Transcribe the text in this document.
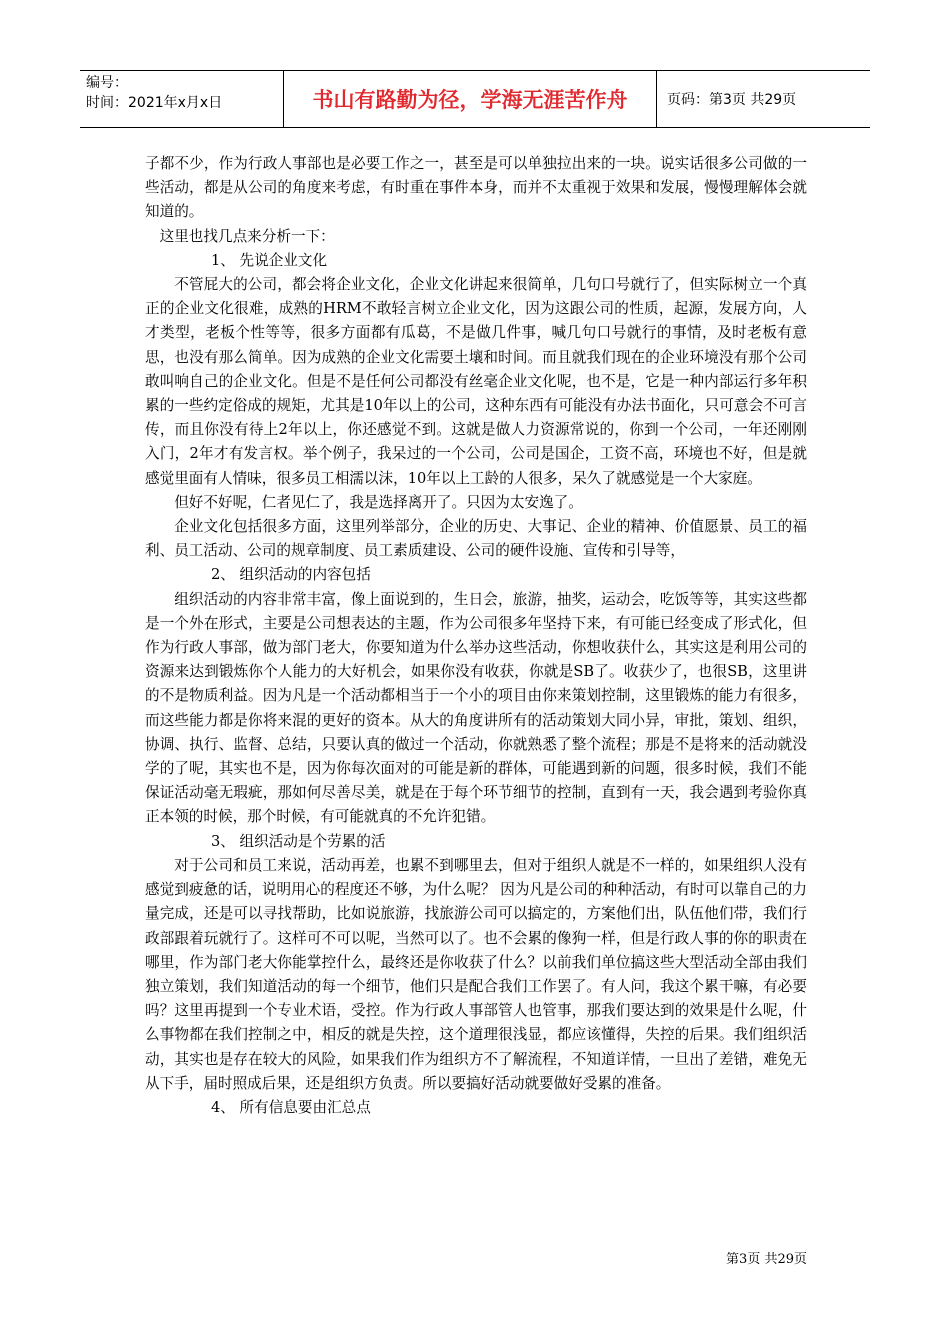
编号：
时间：2021年x月x日	书山有路勤为径，学海无涯苦作舟	页码：第3页 共29页

子都不少，作为行政人事部也是必要工作之一，甚至是可以单独拉出来的一块。说实话很多公司做的一些活动，都是从公司的角度来考虑，有时重在事件本身，而并不太重视于效果和发展，慢慢理解体会就知道的。

这里也找几点来分析一下：

1、 先说企业文化

不管屁大的公司，都会将企业文化，企业文化讲起来很简单，几句口号就行了，但实际树立一个真正的企业文化很难，成熟的HRM不敢轻言树立企业文化，因为这跟公司的性质，起源，发展方向，人才类型，老板个性等等，很多方面都有瓜葛，不是做几件事，喊几句口号就行的事情，及时老板有意思，也没有那么简单。因为成熟的企业文化需要土壤和时间。而且就我们现在的企业环境没有那个公司敢叫响自己的企业文化。但是不是任何公司都没有丝毫企业文化呢，也不是，它是一种内部运行多年积累的一些约定俗成的规矩，尤其是10年以上的公司，这种东西有可能没有办法书面化，只可意会不可言传，而且你没有待上2年以上，你还感觉不到。这就是做人力资源常说的，你到一个公司，一年还刚刚入门，2年才有发言权。举个例子，我呆过的一个公司，公司是国企，工资不高，环境也不好，但是就感觉里面有人情味，很多员工相濡以沫，10年以上工龄的人很多，呆久了就感觉是一个大家庭。

但好不好呢，仁者见仁了，我是选择离开了。只因为太安逸了。

企业文化包括很多方面，这里列举部分，企业的历史、大事记、企业的精神、价值愿景、员工的福利、员工活动、公司的规章制度、员工素质建设、公司的硬件设施、宣传和引导等，

2、 组织活动的内容包括

组织活动的内容非常丰富，像上面说到的，生日会，旅游，抽奖，运动会，吃饭等等，其实这些都是一个外在形式，主要是公司想表达的主题，作为公司很多年坚持下来，有可能已经变成了形式化，但作为行政人事部，做为部门老大，你要知道为什么举办这些活动，你想收获什么，其实这是利用公司的资源来达到锻炼你个人能力的大好机会，如果你没有收获，你就是SB了。收获少了，也很SB，这里讲的不是物质利益。因为凡是一个活动都相当于一个小的项目由你来策划控制，这里锻炼的能力有很多，而这些能力都是你将来混的更好的资本。从大的角度讲所有的活动策划大同小异，审批，策划、组织，协调、执行、监督、总结，只要认真的做过一个活动，你就熟悉了整个流程；那是不是将来的活动就没学的了呢，其实也不是，因为你每次面对的可能是新的群体，可能遇到新的问题，很多时候，我们不能保证活动毫无瑕疵，那如何尽善尽美，就是在于每个环节细节的控制，直到有一天，我会遇到考验你真正本领的时候，那个时候，有可能就真的不允许犯错。

3、 组织活动是个劳累的活

对于公司和员工来说，活动再差，也累不到哪里去，但对于组织人就是不一样的，如果组织人没有感觉到疲惫的话，说明用心的程度还不够，为什么呢？ 因为凡是公司的种种活动，有时可以靠自己的力量完成，还是可以寻找帮助，比如说旅游，找旅游公司可以搞定的，方案他们出，队伍他们带，我们行政部跟着玩就行了。这样可不可以呢，当然可以了。也不会累的像狗一样，但是行政人事的你的职责在哪里，作为部门老大你能掌控什么，最终还是你收获了什么？以前我们单位搞这些大型活动全部由我们独立策划，我们知道活动的每一个细节，他们只是配合我们工作罢了。有人问，我这个累干嘛，有必要吗？这里再提到一个专业术语，受控。作为行政人事部管人也管事，那我们要达到的效果是什么呢，什么事物都在我们控制之中，相反的就是失控，这个道理很浅显，都应该懂得，失控的后果。我们组织活动，其实也是存在较大的风险，如果我们作为组织方不了解流程，不知道详情，一旦出了差错，难免无从下手，届时照成后果，还是组织方负责。所以要搞好活动就要做好受累的准备。

4、 所有信息要由汇总点

第3页 共29页
